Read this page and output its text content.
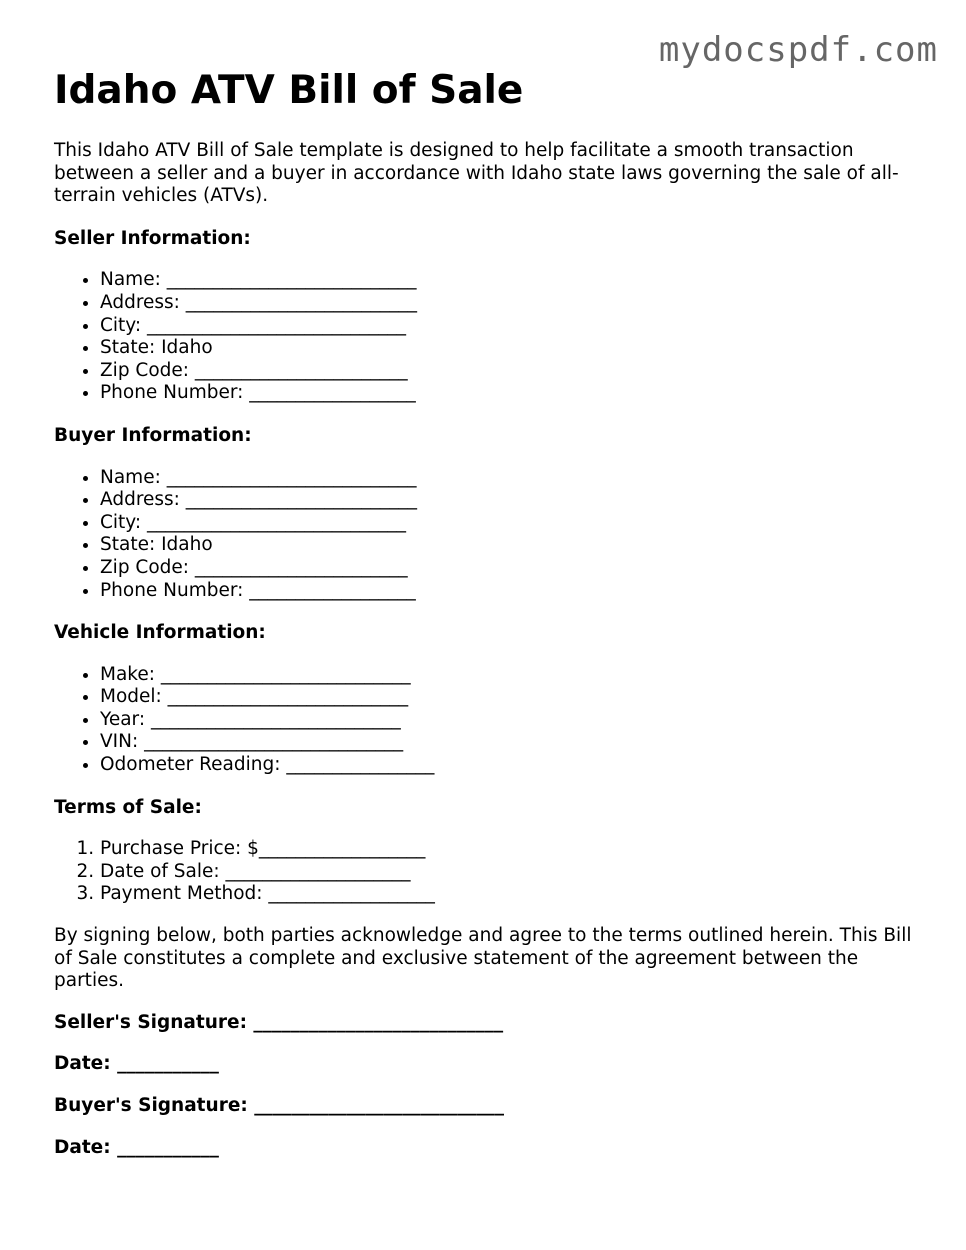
mydocspdf.com
Idaho ATV Bill of Sale

This Idaho ATV Bill of Sale template is designed to help facilitate a smooth transaction between a seller and a buyer in accordance with Idaho state laws governing the sale of all-terrain vehicles (ATVs).

Seller Information:
• Name: ___________________________
• Address: _________________________
• City: ____________________________
• State: Idaho
• Zip Code: _______________________
• Phone Number: __________________
Buyer Information:
• Name: ___________________________
• Address: _________________________
• City: ____________________________
• State: Idaho
• Zip Code: _______________________
• Phone Number: __________________
Vehicle Information:
• Make: ___________________________
• Model: __________________________
• Year: ___________________________
• VIN: ____________________________
• Odometer Reading: ________________
Terms of Sale:
1. Purchase Price: $__________________
2. Date of Sale: ____________________
3. Payment Method: __________________

By signing below, both parties acknowledge and agree to the terms outlined herein. This Bill of Sale constitutes a complete and exclusive statement of the agreement between the parties.

Seller's Signature: ___________________________
Date: ___________
Buyer's Signature: ___________________________
Date: ___________
